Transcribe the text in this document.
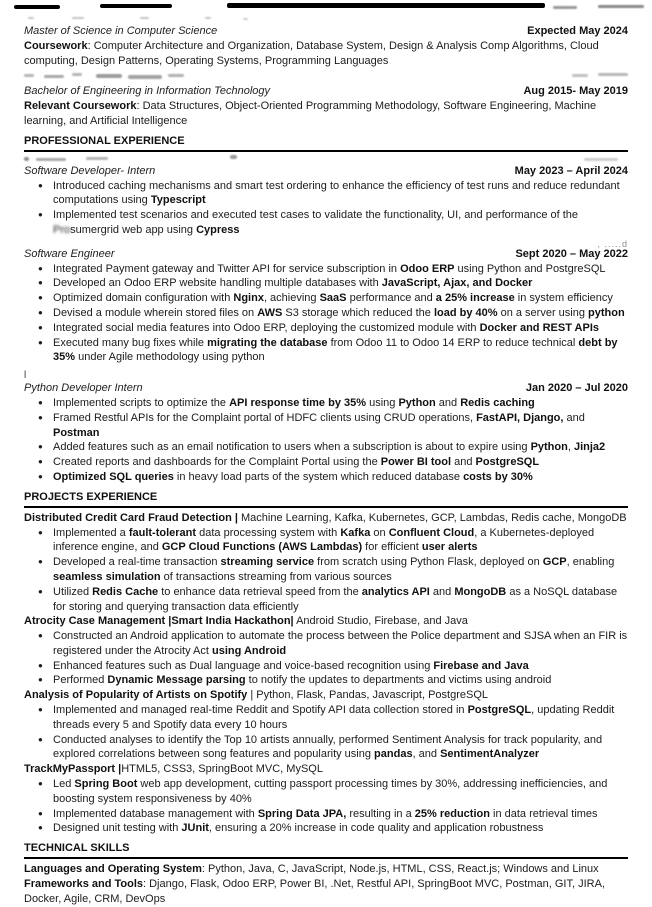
Master of Science in Computer Science	Expected May 2024
Coursework: Computer Architecture and Organization, Database System, Design & Analysis Comp Algorithms, Cloud computing, Design Patterns, Operating Systems, Programming Languages
Bachelor of Engineering in Information Technology	Aug 2015- May 2019
Relevant Coursework: Data Structures, Object-Oriented Programming Methodology, Software Engineering, Machine learning, and Artificial Intelligence
PROFESSIONAL EXPERIENCE
Software Developer- Intern	May 2023 – April 2024
● Introduced caching mechanisms and smart test ordering to enhance the efficiency of test runs and reduce redundant computations using Typescript
● Implemented test scenarios and executed test cases to validate the functionality, UI, and performance of the Prosumergrid web app using Cypress
Software Engineer	Sept 2020 – May 2022
, .....d
● Integrated Payment gateway and Twitter API for service subscription in Odoo ERP using Python and PostgreSQL
● Developed an Odoo ERP website handling multiple databases with JavaScript, Ajax, and Docker
● Optimized domain configuration with Nginx, achieving SaaS performance and a 25% increase in system efficiency
● Devised a module wherein stored files on AWS S3 storage which reduced the load by 40% on a server using python
● Integrated social media features into Odoo ERP, deploying the customized module with Docker and REST APIs
● Executed many bug fixes while migrating the database from Odoo 11 to Odoo 14 ERP to reduce technical debt by 35% under Agile methodology using python
l
Python Developer Intern	Jan 2020 – Jul 2020
● Implemented scripts to optimize the API response time by 35% using Python and Redis caching
● Framed Restful APIs for the Complaint portal of HDFC clients using CRUD operations, FastAPI, Django, and Postman
● Added features such as an email notification to users when a subscription is about to expire using Python, Jinja2
● Created reports and dashboards for the Complaint Portal using the Power BI tool and PostgreSQL
● Optimized SQL queries in heavy load parts of the system which reduced database costs by 30%
PROJECTS EXPERIENCE
Distributed Credit Card Fraud Detection | Machine Learning, Kafka, Kubernetes, GCP, Lambdas, Redis cache, MongoDB
● Implemented a fault-tolerant data processing system with Kafka on Confluent Cloud, a Kubernetes-deployed inference engine, and GCP Cloud Functions (AWS Lambdas) for efficient user alerts
● Developed a real-time transaction streaming service from scratch using Python Flask, deployed on GCP, enabling seamless simulation of transactions streaming from various sources
● Utilized Redis Cache to enhance data retrieval speed from the analytics API and MongoDB as a NoSQL database for storing and querying transaction data efficiently
Atrocity Case Management |Smart India Hackathon| Android Studio, Firebase, and Java
● Constructed an Android application to automate the process between the Police department and SJSA when an FIR is registered under the Atrocity Act using Android
● Enhanced features such as Dual language and voice-based recognition using Firebase and Java
● Performed Dynamic Message parsing to notify the updates to departments and victims using android
Analysis of Popularity of Artists on Spotify | Python, Flask, Pandas, Javascript, PostgreSQL
● Implemented and managed real-time Reddit and Spotify API data collection stored in PostgreSQL, updating Reddit threads every 5 and Spotify data every 10 hours
● Conducted analyses to identify the Top 10 artists annually, performed Sentiment Analysis for track popularity, and explored correlations between song features and popularity using pandas, and SentimentAnalyzer
TrackMyPassport |HTML5, CSS3, SpringBoot MVC, MySQL
● Led Spring Boot web app development, cutting passport processing times by 30%, addressing inefficiencies, and boosting system responsiveness by 40%
● Implemented database management with Spring Data JPA, resulting in a 25% reduction in data retrieval times
● Designed unit testing with JUnit, ensuring a 20% increase in code quality and application robustness
TECHNICAL SKILLS
Languages and Operating System: Python, Java, C, JavaScript, Node.js, HTML, CSS, React.js; Windows and Linux
Frameworks and Tools: Django, Flask, Odoo ERP, Power BI, .Net, Restful API, SpringBoot MVC, Postman, GIT, JIRA, Docker, Agile, CRM, DevOps
